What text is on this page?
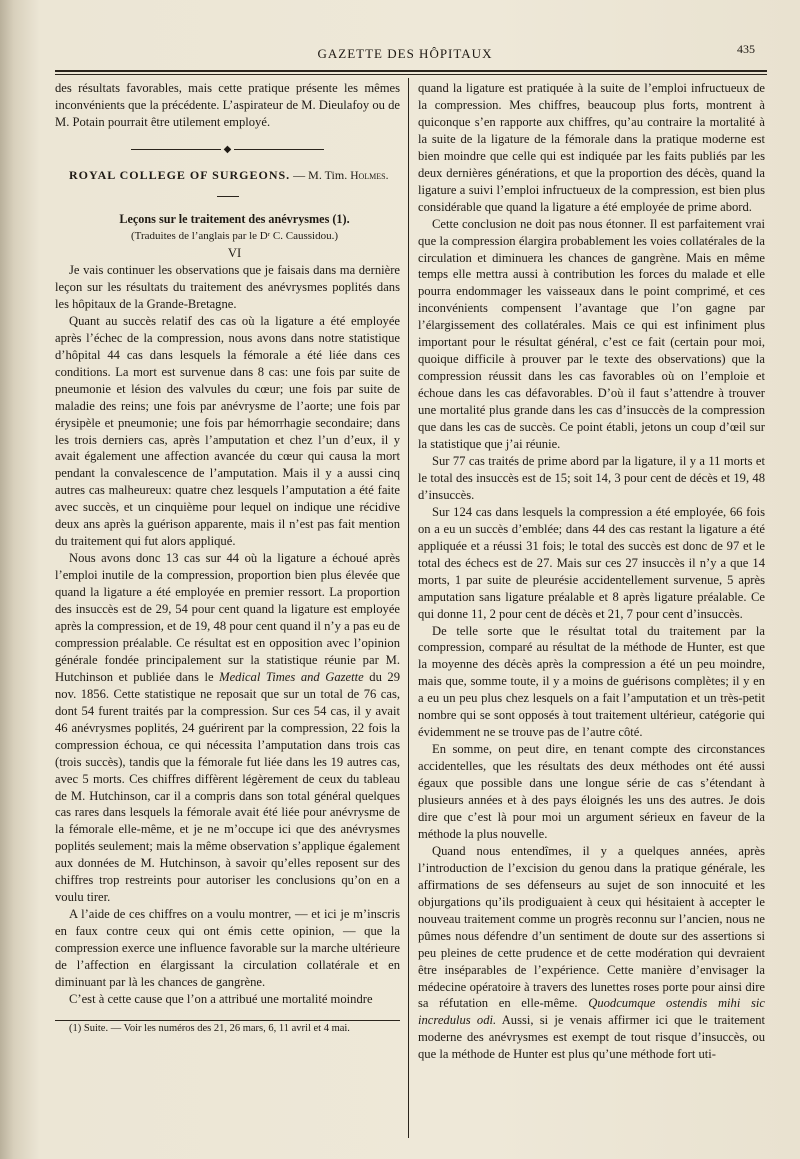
GAZETTE DES HÔPITAUX	435

des résultats favorables, mais cette pratique présente les mêmes inconvénients que la précédente. L’aspirateur de M. Dieulafoy ou de M. Potain pourrait être utilement employé.

◆

ROYAL COLLEGE OF SURGEONS. — M. Tim. Holmes.

Leçons sur le traitement des anévrysmes (1).

(Traduites de l’anglais par le Dʳ C. Caussidou.)

VI

Je vais continuer les observations que je faisais dans ma dernière leçon sur les résultats du traitement des anévrysmes poplités dans les hôpitaux de la Grande-Bretagne.

Quant au succès relatif des cas où la ligature a été employée après l’échec de la compression, nous avons dans notre statistique d’hôpital 44 cas dans lesquels la fémorale a été liée dans ces conditions. La mort est survenue dans 8 cas: une fois par suite de pneumonie et lésion des valvules du cœur; une fois par suite de maladie des reins; une fois par anévrysme de l’aorte; une fois par érysipèle et pneumonie; une fois par hémorrhagie secondaire; dans les trois derniers cas, après l’amputation et chez l’un d’eux, il y avait également une affection avancée du cœur qui causa la mort pendant la convalescence de l’amputation. Mais il y a aussi cinq autres cas malheureux: quatre chez lesquels l’amputation a été faite avec succès, et un cinquième pour lequel on indique une récidive deux ans après la guérison apparente, mais il n’est pas fait mention du traitement qui fut alors appliqué.

Nous avons donc 13 cas sur 44 où la ligature a échoué après l’emploi inutile de la compression, proportion bien plus élevée que quand la ligature a été employée en premier ressort. La proportion des insuccès est de 29, 54 pour cent quand la ligature est employée après la compression, et de 19, 48 pour cent quand il n’y a pas eu de compression préalable. Ce résultat est en opposition avec l’opinion générale fondée principalement sur la statistique réunie par M. Hutchinson et publiée dans le Medical Times and Gazette du 29 nov. 1856. Cette statistique ne reposait que sur un total de 76 cas, dont 54 furent traités par la compression. Sur ces 54 cas, il y avait 46 anévrysmes poplités, 24 guérirent par la compression, 22 fois la compression échoua, ce qui nécessita l’amputation dans trois cas (trois succès), tandis que la fémorale fut liée dans les 19 autres cas, avec 5 morts. Ces chiffres diffèrent légèrement de ceux du tableau de M. Hutchinson, car il a compris dans son total général quelques cas rares dans lesquels la fémorale avait été liée pour anévrysme de la fémorale elle-même, et je ne m’occupe ici que des anévrysmes poplités seulement; mais la même observation s’applique également aux données de M. Hutchinson, à savoir qu’elles reposent sur des chiffres trop restreints pour autoriser les conclusions qu’on en a voulu tirer.

A l’aide de ces chiffres on a voulu montrer, — et ici je m’inscris en faux contre ceux qui ont émis cette opinion, — que la compression exerce une influence favorable sur la marche ultérieure de l’affection en élargissant la circulation collatérale et en diminuant par là les chances de gangrène.

C’est à cette cause que l’on a attribué une mortalité moindre

(1) Suite. — Voir les numéros des 21, 26 mars, 6, 11 avril et 4 mai.

quand la ligature est pratiquée à la suite de l’emploi infructueux de la compression. Mes chiffres, beaucoup plus forts, montrent à quiconque s’en rapporte aux chiffres, qu’au contraire la mortalité à la suite de la ligature de la fémorale dans la pratique moderne est bien moindre que celle qui est indiquée par les faits publiés par les deux dernières générations, et que la proportion des décès, quand la ligature a suivi l’emploi infructueux de la compression, est bien plus considérable que quand la ligature a été employée de prime abord.

Cette conclusion ne doit pas nous étonner. Il est parfaitement vrai que la compression élargira probablement les voies collatérales de la circulation et diminuera les chances de gangrène. Mais en même temps elle mettra aussi à contribution les forces du malade et elle pourra endommager les vaisseaux dans le point comprimé, et ces inconvénients compensent l’avantage que l’on gagne par l’élargissement des collatérales. Mais ce qui est infiniment plus important pour le résultat général, c’est ce fait (certain pour moi, quoique difficile à prouver par le texte des observations) que la compression réussit dans les cas favorables où on l’emploie et échoue dans les cas défavorables. D’où il faut s’attendre à trouver une mortalité plus grande dans les cas d’insuccès de la compression que dans les cas de succès. Ce point établi, jetons un coup d’œil sur la statistique que j’ai réunie.

Sur 77 cas traités de prime abord par la ligature, il y a 11 morts et le total des insuccès est de 15; soit 14, 3 pour cent de décès et 19, 48 d’insuccès.

Sur 124 cas dans lesquels la compression a été employée, 66 fois on a eu un succès d’emblée; dans 44 des cas restant la ligature a été appliquée et a réussi 31 fois; le total des succès est donc de 97 et le total des échecs est de 27. Mais sur ces 27 insuccès il n’y a que 14 morts, 1 par suite de pleurésie accidentellement survenue, 5 après amputation sans ligature préalable et 8 après ligature préalable. Ce qui donne 11, 2 pour cent de décès et 21, 7 pour cent d’insuccès.

De telle sorte que le résultat total du traitement par la compression, comparé au résultat de la méthode de Hunter, est que la moyenne des décès après la compression a été un peu moindre, mais que, somme toute, il y a moins de guérisons complètes; il y en a eu un peu plus chez lesquels on a fait l’amputation et un très-petit nombre qui se sont opposés à tout traitement ultérieur, catégorie qui évidemment ne se trouve pas de l’autre côté.

En somme, on peut dire, en tenant compte des circonstances accidentelles, que les résultats des deux méthodes ont été aussi égaux que possible dans une longue série de cas s’étendant à plusieurs années et à des pays éloignés les uns des autres. Je dois dire que c’est là pour moi un argument sérieux en faveur de la méthode la plus nouvelle.

Quand nous entendîmes, il y a quelques années, après l’introduction de l’excision du genou dans la pratique générale, les affirmations de ses défenseurs au sujet de son innocuité et les objurgations qu’ils prodiguaient à ceux qui hésitaient à accepter le nouveau traitement comme un progrès reconnu sur l’ancien, nous ne pûmes nous défendre d’un sentiment de doute sur des assertions si peu pleines de cette prudence et de cette modération qui devraient être inséparables de l’expérience. Cette manière d’envisager la médecine opératoire à travers des lunettes roses porte pour ainsi dire sa réfutation en elle-même. Quodcumque ostendis mihi sic incredulus odi. Aussi, si je venais affirmer ici que le traitement moderne des anévrysmes est exempt de tout risque d’insuccès, ou que la méthode de Hunter est plus qu’une méthode fort uti-
